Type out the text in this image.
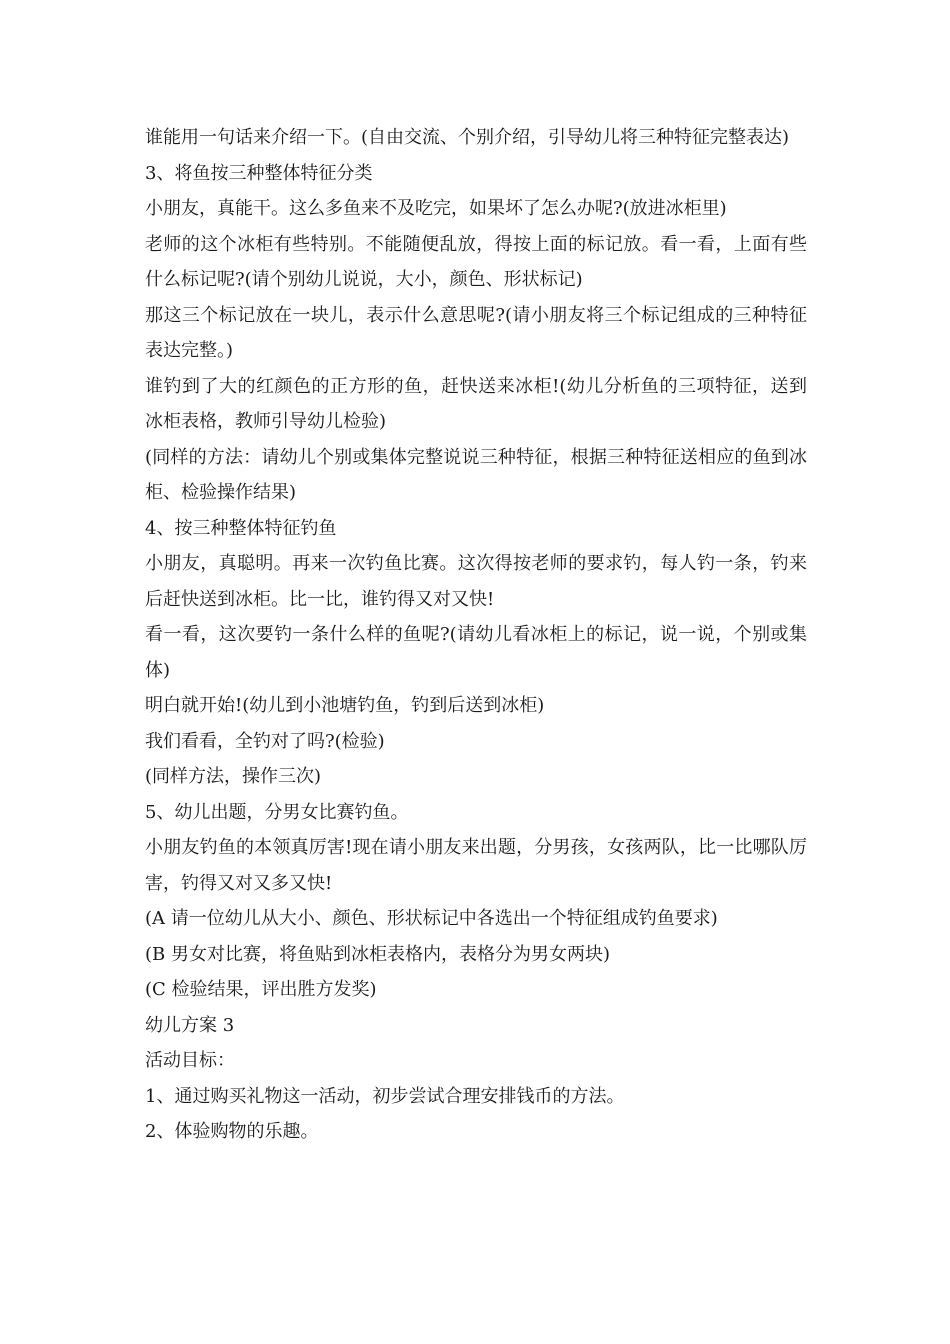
谁能用一句话来介绍一下。(自由交流、个别介绍，引导幼儿将三种特征完整表达)

3、将鱼按三种整体特征分类

小朋友，真能干。这么多鱼来不及吃完，如果坏了怎么办呢?(放进冰柜里)

老师的这个冰柜有些特别。不能随便乱放，得按上面的标记放。看一看，上面有些什么标记呢?(请个别幼儿说说，大小，颜色、形状标记)

那这三个标记放在一块儿，表示什么意思呢?(请小朋友将三个标记组成的三种特征表达完整。)

谁钓到了大的红颜色的正方形的鱼，赶快送来冰柜!(幼儿分析鱼的三项特征，送到冰柜表格，教师引导幼儿检验)

(同样的方法：请幼儿个别或集体完整说说三种特征，根据三种特征送相应的鱼到冰柜、检验操作结果)

4、按三种整体特征钓鱼

小朋友，真聪明。再来一次钓鱼比赛。这次得按老师的要求钓，每人钓一条，钓来后赶快送到冰柜。比一比，谁钓得又对又快!

看一看，这次要钓一条什么样的鱼呢?(请幼儿看冰柜上的标记，说一说，个别或集体)

明白就开始!(幼儿到小池塘钓鱼，钓到后送到冰柜)

我们看看，全钓对了吗?(检验)

(同样方法，操作三次)

5、幼儿出题，分男女比赛钓鱼。

小朋友钓鱼的本领真厉害!现在请小朋友来出题，分男孩，女孩两队，比一比哪队厉害，钓得又对又多又快!

(A 请一位幼儿从大小、颜色、形状标记中各选出一个特征组成钓鱼要求)

(B 男女对比赛，将鱼贴到冰柜表格内，表格分为男女两块)

(C 检验结果，评出胜方发奖)

幼儿方案 3

活动目标：

1、通过购买礼物这一活动，初步尝试合理安排钱币的方法。

2、体验购物的乐趣。
